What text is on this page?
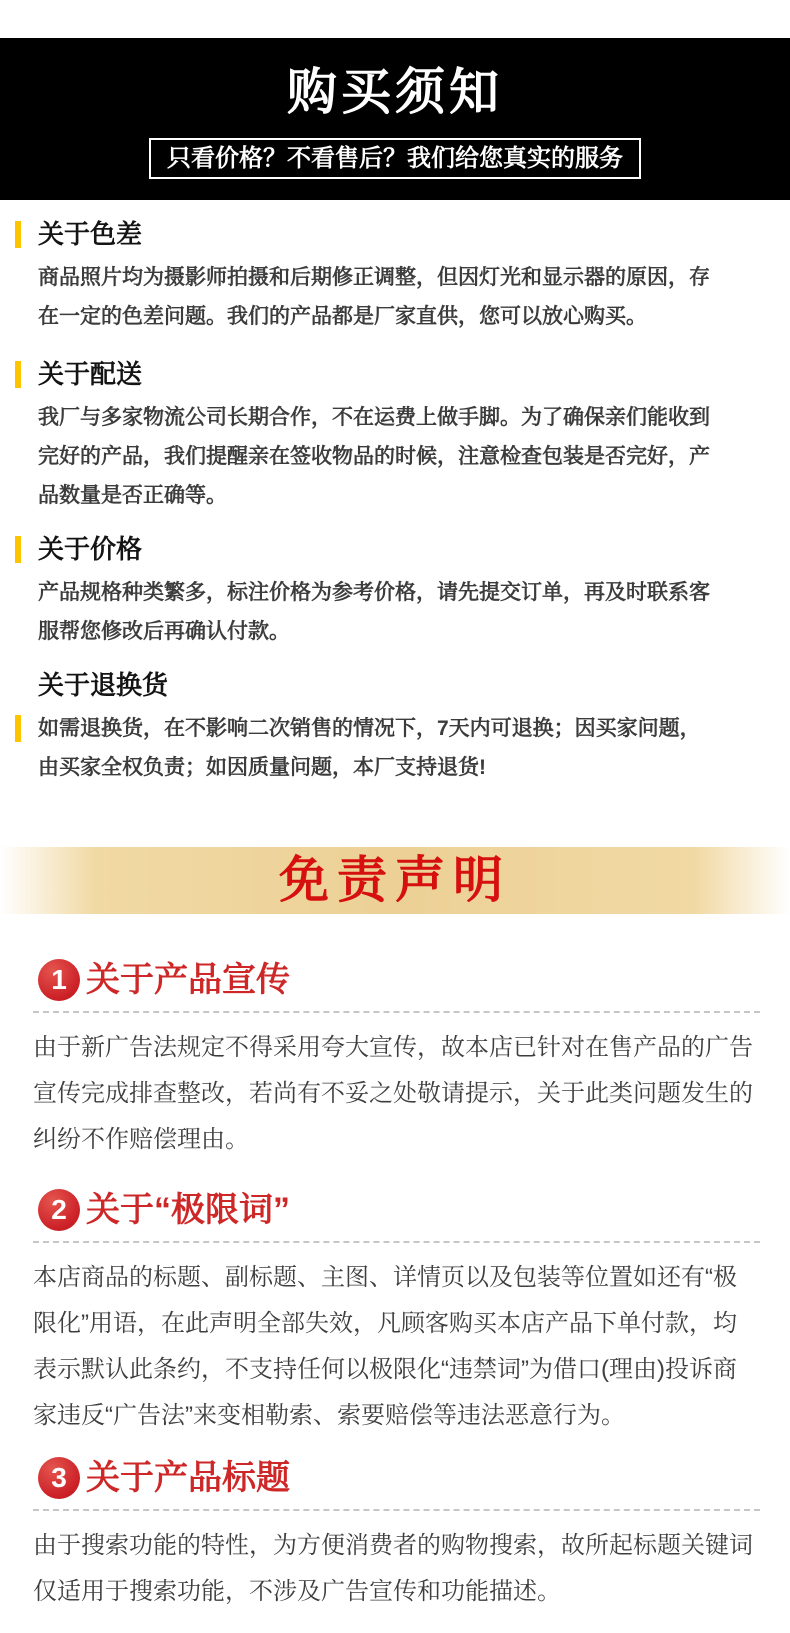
购买须知
只看价格？不看售后？我们给您真实的服务
关于色差

商品照片均为摄影师拍摄和后期修正调整，但因灯光和显示器的原因，存在一定的色差问题。我们的产品都是厂家直供，您可以放心购买。

关于配送

我厂与多家物流公司长期合作，不在运费上做手脚。为了确保亲们能收到完好的产品，我们提醒亲在签收物品的时候，注意检查包装是否完好，产品数量是否正确等。

关于价格

产品规格种类繁多，标注价格为参考价格，请先提交订单，再及时联系客服帮您修改后再确认付款。

关于退换货

如需退换货，在不影响二次销售的情况下，7天内可退换；因买家问题，由买家全权负责；如因质量问题，本厂支持退货!

免责声明
1 关于产品宣传

由于新广告法规定不得采用夸大宣传，故本店已针对在售产品的广告宣传完成排查整改，若尚有不妥之处敬请提示，关于此类问题发生的纠纷不作赔偿理由。

2 关于“极限词”

本店商品的标题、副标题、主图、详情页以及包装等位置如还有“极限化”用语，在此声明全部失效，凡顾客购买本店产品下单付款，均表示默认此条约，不支持任何以极限化“违禁词”为借口(理由)投诉商家违反“广告法”来变相勒索、索要赔偿等违法恶意行为。

3 关于产品标题

由于搜索功能的特性，为方便消费者的购物搜索，故所起标题关键词仅适用于搜索功能，不涉及广告宣传和功能描述。
